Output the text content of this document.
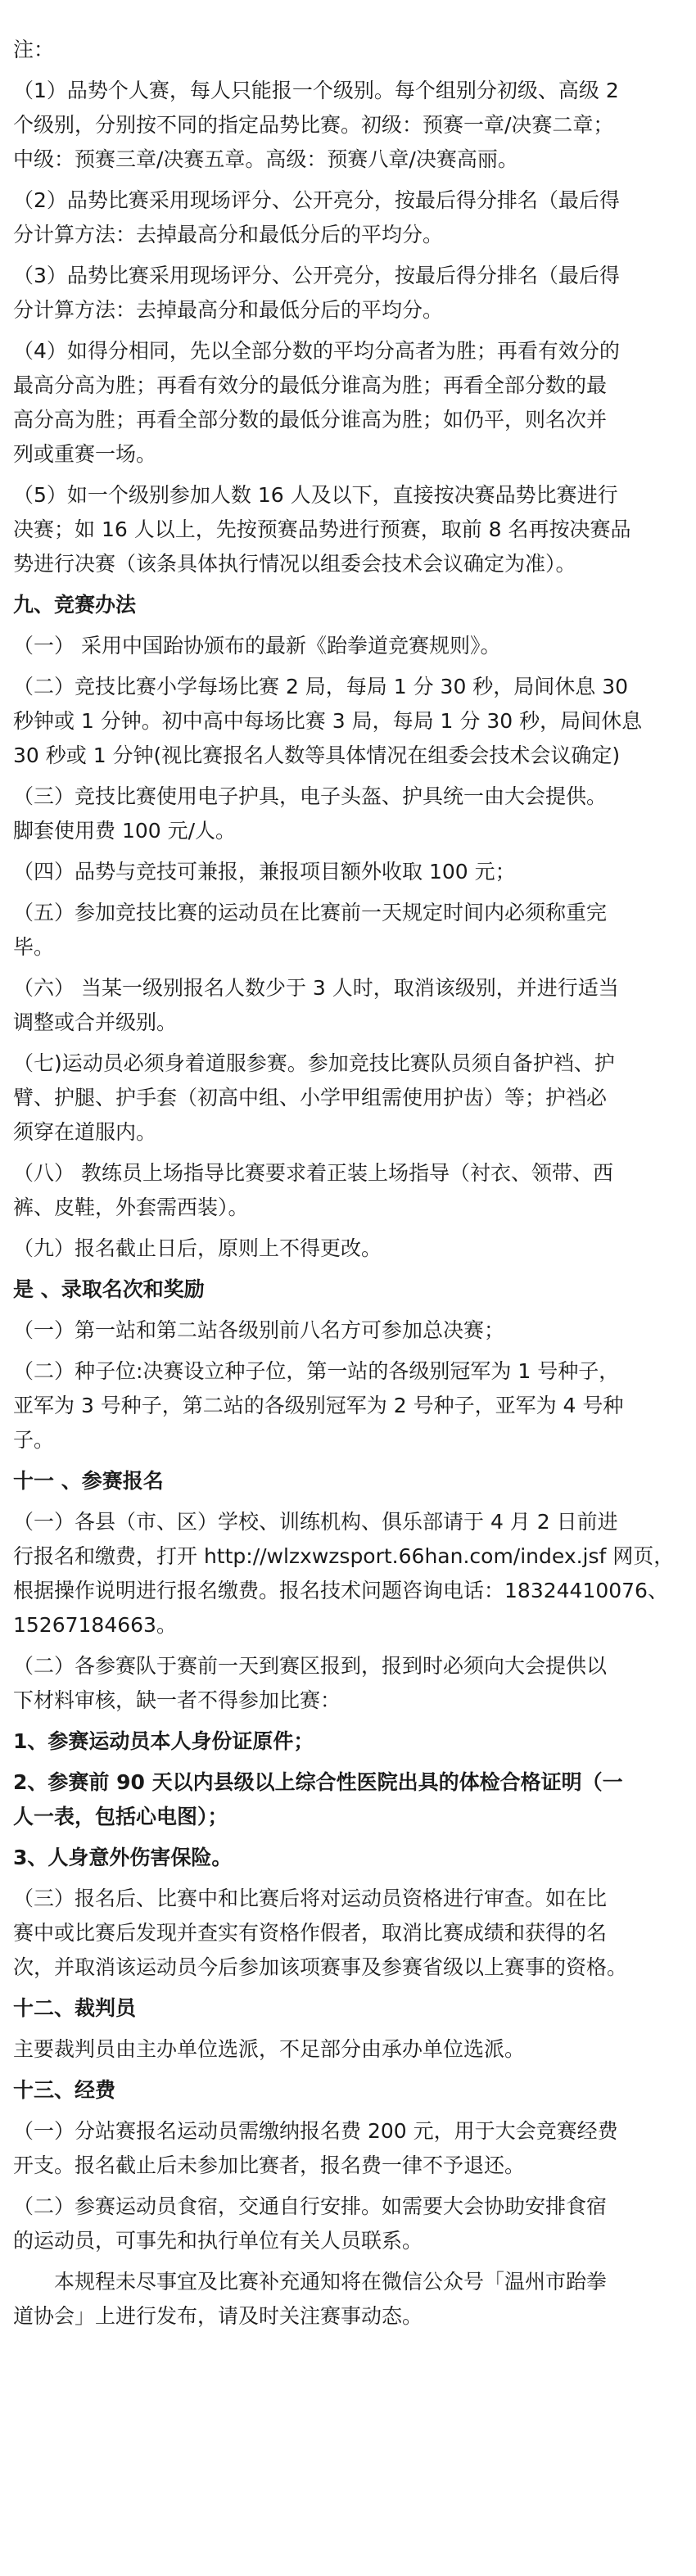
注：

（1）品势个人赛，每人只能报一个级别。每个组别分初级、高级 2

个级别，分别按不同的指定品势比赛。初级：预赛一章/决赛二章；

中级：预赛三章/决赛五章。高级：预赛八章/决赛高丽。

（2）品势比赛采用现场评分、公开亮分，按最后得分排名（最后得

分计算方法：去掉最高分和最低分后的平均分。

（3）品势比赛采用现场评分、公开亮分，按最后得分排名（最后得

分计算方法：去掉最高分和最低分后的平均分。

（4）如得分相同，先以全部分数的平均分高者为胜；再看有效分的

最高分高为胜；再看有效分的最低分谁高为胜；再看全部分数的最

高分高为胜；再看全部分数的最低分谁高为胜；如仍平，则名次并

列或重赛一场。

（5）如一个级别参加人数 16 人及以下，直接按决赛品势比赛进行

决赛；如 16 人以上，先按预赛品势进行预赛，取前 8 名再按决赛品

势进行决赛（该条具体执行情况以组委会技术会议确定为准）。

九、竞赛办法

（一） 采用中国跆协颁布的最新《跆拳道竞赛规则》。

（二）竞技比赛小学每场比赛 2 局，每局 1 分 30 秒，局间休息 30

秒钟或 1 分钟。初中高中每场比赛 3 局，每局 1 分 30 秒，局间休息

30 秒或 1 分钟(视比赛报名人数等具体情况在组委会技术会议确定)

（三）竞技比赛使用电子护具，电子头盔、护具统一由大会提供。

脚套使用费 100 元/人。

（四）品势与竞技可兼报，兼报项目额外收取 100 元；

（五）参加竞技比赛的运动员在比赛前一天规定时间内必须称重完

毕。

（六） 当某一级别报名人数少于 3 人时，取消该级别，并进行适当

调整或合并级别。

（七)运动员必须身着道服参赛。参加竞技比赛队员须自备护裆、护

臂、护腿、护手套（初高中组、小学甲组需使用护齿）等；护裆必

须穿在道服内。

（八） 教练员上场指导比赛要求着正装上场指导（衬衣、领带、西

裤、皮鞋，外套需西装）。

（九）报名截止日后，原则上不得更改。

是 、录取名次和奖励

（一）第一站和第二站各级别前八名方可参加总决赛；

（二）种子位:决赛设立种子位，第一站的各级别冠军为 1 号种子，

亚军为 3 号种子，第二站的各级别冠军为 2 号种子，亚军为 4 号种

子。

十一 、参赛报名

（一）各县（市、区）学校、训练机构、俱乐部请于 4 月 2 日前进

行报名和缴费，打开 http://wlzxwzsport.66han.com/index.jsf 网页，

根据操作说明进行报名缴费。报名技术问题咨询电话：18324410076、

15267184663。

（二）各参赛队于赛前一天到赛区报到，报到时必须向大会提供以

下材料审核，缺一者不得参加比赛：

1、参赛运动员本人身份证原件；

2、参赛前 90 天以内县级以上综合性医院出具的体检合格证明（一

人一表，包括心电图）；

3、人身意外伤害保险。

（三）报名后、比赛中和比赛后将对运动员资格进行审查。如在比

赛中或比赛后发现并查实有资格作假者，取消比赛成绩和获得的名

次，并取消该运动员今后参加该项赛事及参赛省级以上赛事的资格。

十二、裁判员

主要裁判员由主办单位选派，不足部分由承办单位选派。

十三、经费

（一）分站赛报名运动员需缴纳报名费 200 元，用于大会竞赛经费

开支。报名截止后未参加比赛者，报名费一律不予退还。

（二）参赛运动员食宿，交通自行安排。如需要大会协助安排食宿

的运动员，可事先和执行单位有关人员联系。

本规程未尽事宜及比赛补充通知将在微信公众号「温州市跆拳

道协会」上进行发布，请及时关注赛事动态。
